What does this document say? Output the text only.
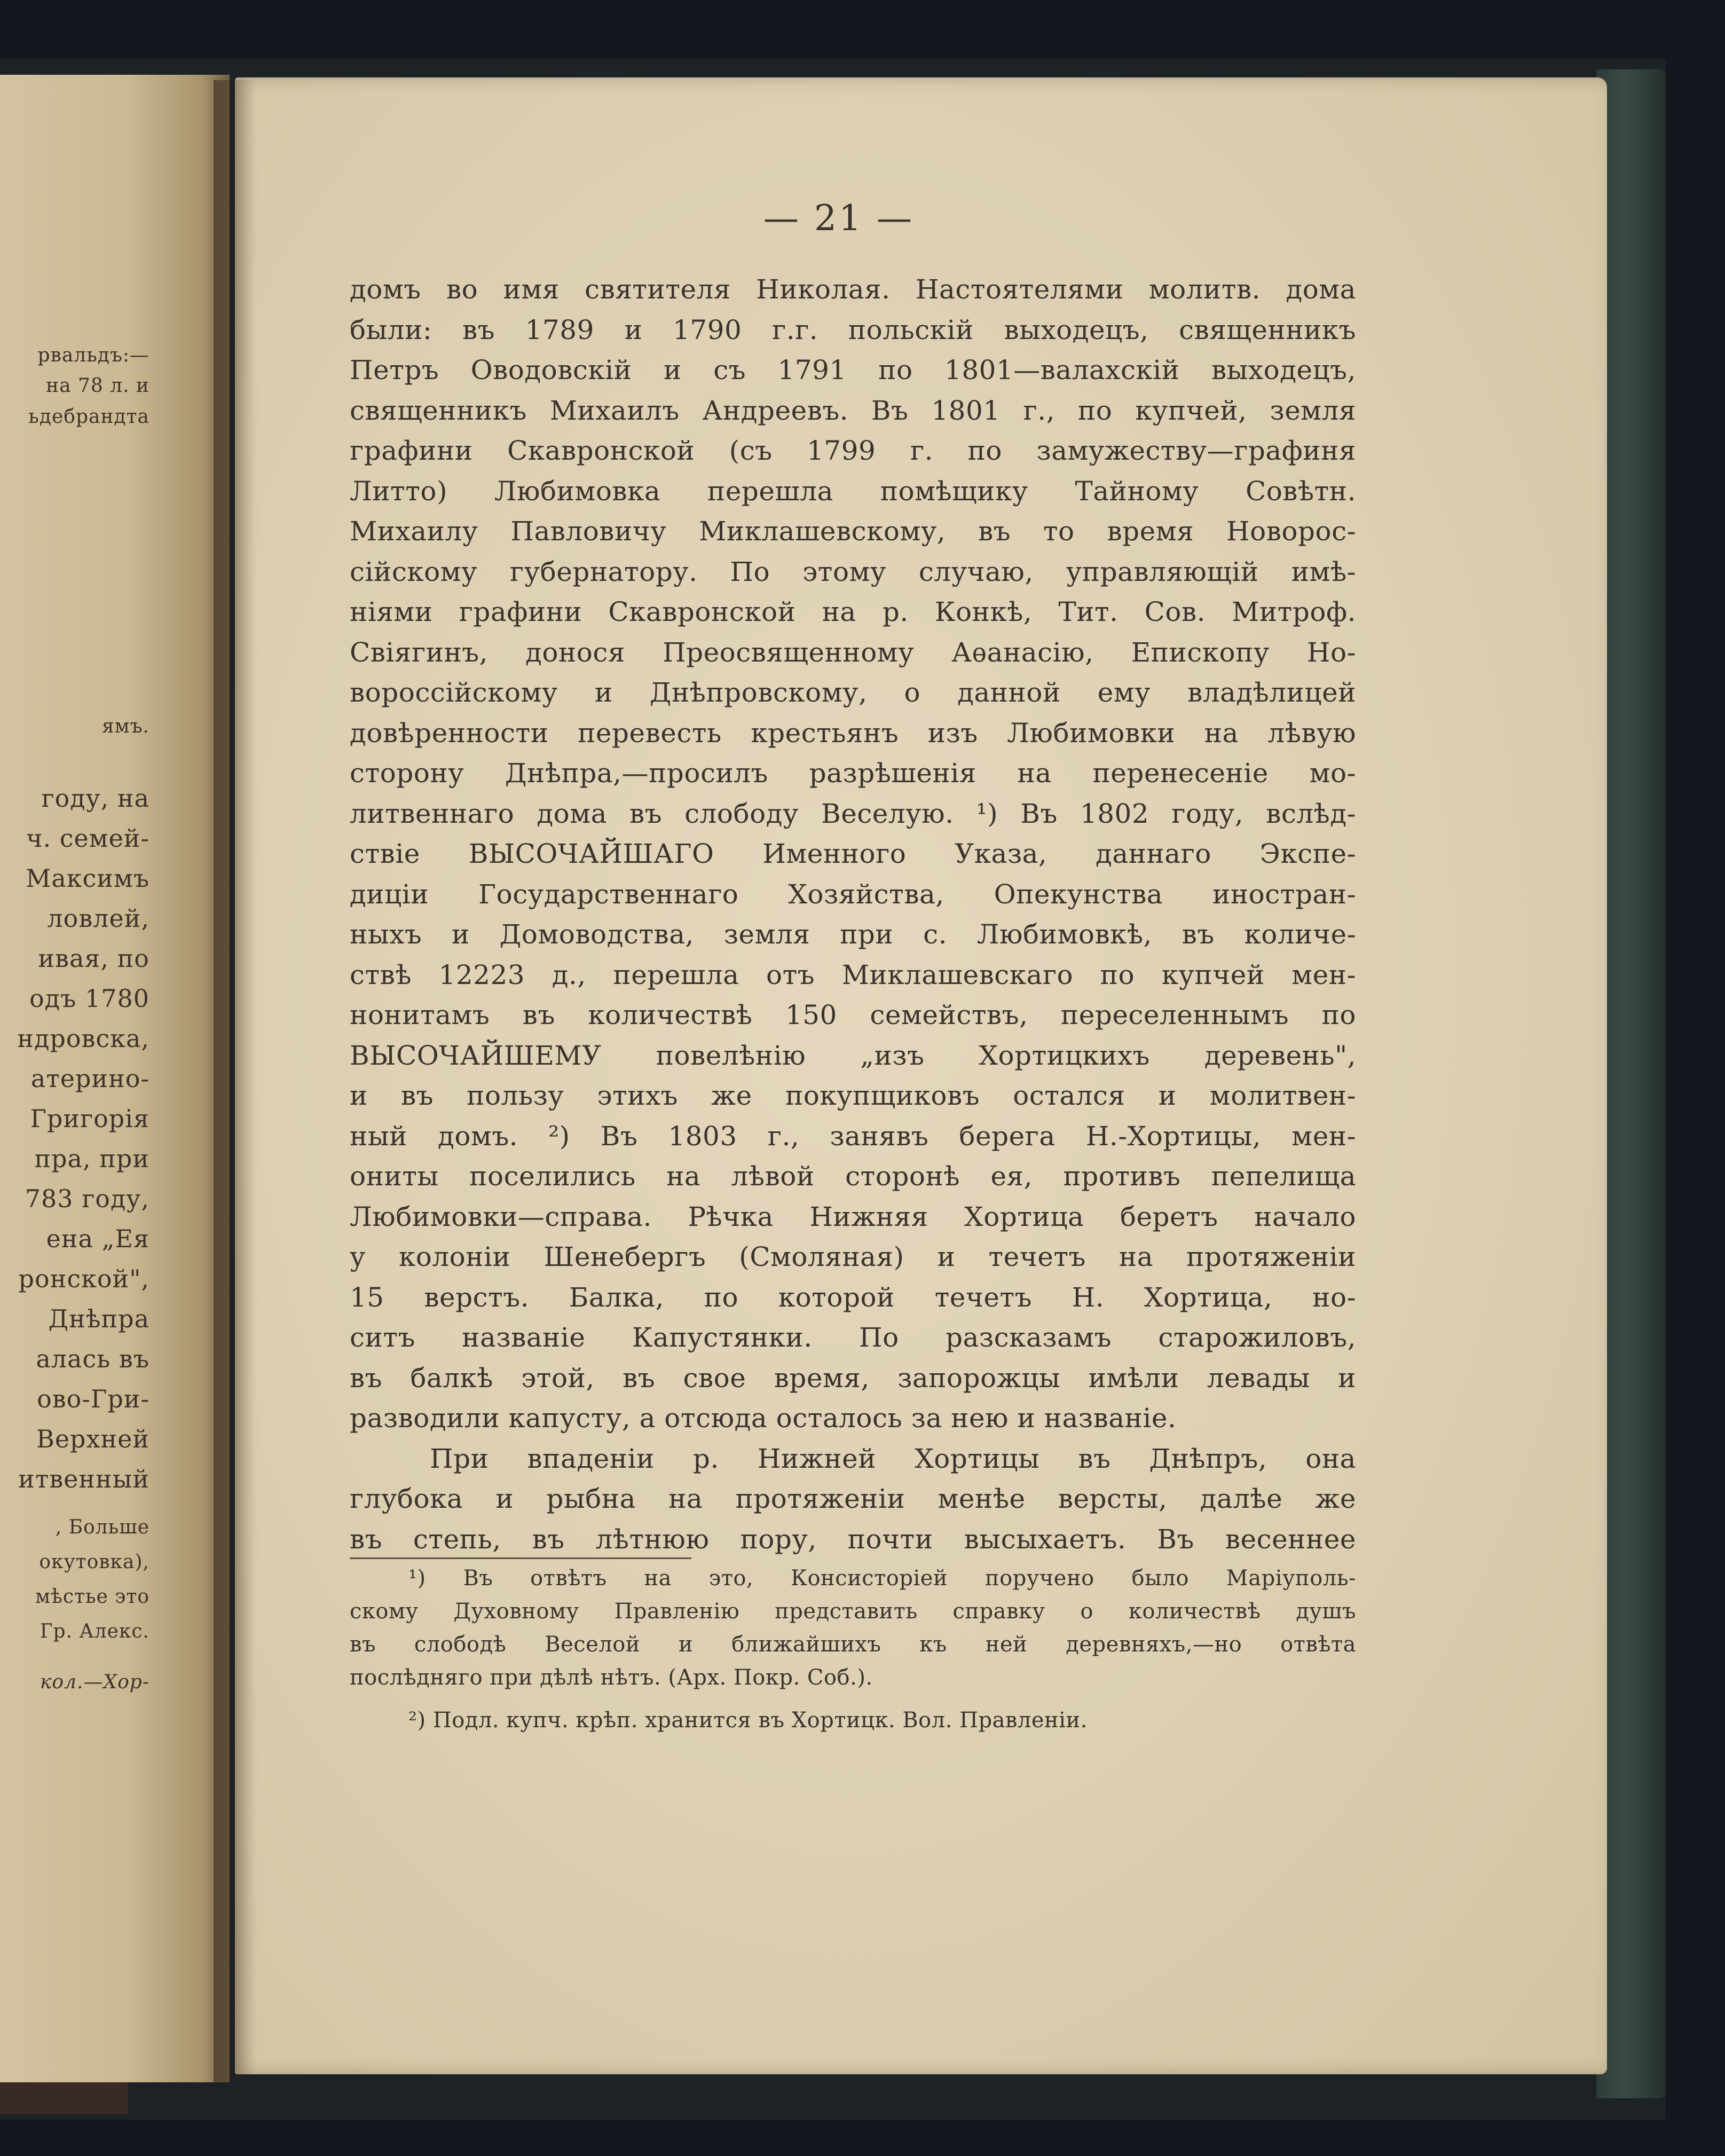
рвальдъ:—
на 78 л. и
ьдебрандта
ямъ.
году, на
ч. семей-
Максимъ
ловлей,
ивая, по
одъ 1780
ндровска,
атерино-
Григорія
пра, при
783 году,
ена „Ея
ронской",
Днѣпра
алась въ
ово-Гри-
Верхней
итвенный
, Больше
окутовка),
мѣстье это
Гр. Алекс.
кол.—Хор-
— 21 —
домъ во имя святителя Николая. Настоятелями молитв. дома
были: въ 1789 и 1790 г.г. польскій выходецъ, священникъ
Петръ Оводовскій и съ 1791 по 1801—валахскій выходецъ,
священникъ Михаилъ Андреевъ. Въ 1801 г., по купчей, земля
графини Скавронской (съ 1799 г. по замужеству—графиня
Литто) Любимовка перешла помѣщику Тайному Совѣтн.
Михаилу Павловичу Миклашевскому, въ то время Новорос-
сійскому губернатору. По этому случаю, управляющій имѣ-
ніями графини Скавронской на р. Конкѣ, Тит. Сов. Митроф.
Свіягинъ, донося Преосвященному Аѳанасію, Епископу Но-
вороссійскому и Днѣпровскому, о данной ему владѣлицей
довѣренности перевесть крестьянъ изъ Любимовки на лѣвую
сторону Днѣпра,—просилъ разрѣшенія на перенесеніе мо-
литвеннаго дома въ слободу Веселую. ¹) Въ 1802 году, вслѣд-
ствіе ВЫСОЧАЙШАГО Именного Указа, даннаго Экспе-
диціи Государственнаго Хозяйства, Опекунства иностран-
ныхъ и Домоводства, земля при с. Любимовкѣ, въ количе-
ствѣ 12223 д., перешла отъ Миклашевскаго по купчей мен-
нонитамъ въ количествѣ 150 семействъ, переселеннымъ по
ВЫСОЧАЙШЕМУ повелѣнію „изъ Хортицкихъ деревень",
и въ пользу этихъ же покупщиковъ остался и молитвен-
ный домъ. ²) Въ 1803 г., занявъ берега Н.-Хортицы, мен-
ониты поселились на лѣвой сторонѣ ея, противъ пепелища
Любимовки—справа. Рѣчка Нижняя Хортица беретъ начало
у колоніи Шенебергъ (Смоляная) и течетъ на протяженіи
15 верстъ. Балка, по которой течетъ Н. Хортица, но-
ситъ названіе Капустянки. По разсказамъ старожиловъ,
въ балкѣ этой, въ свое время, запорожцы имѣли левады и
разводили капусту, а отсюда осталось за нею и названіе.
При впаденіи р. Нижней Хортицы въ Днѣпръ, она
глубока и рыбна на протяженіи менѣе версты, далѣе же
въ степь, въ лѣтнюю пору, почти высыхаетъ. Въ весеннее
¹) Въ отвѣтъ на это, Консисторіей поручено было Маріуполь-
скому Духовному Правленію представить справку о количествѣ душъ
въ слободѣ Веселой и ближайшихъ къ ней деревняхъ,—но отвѣта
послѣдняго при дѣлѣ нѣтъ. (Арх. Покр. Соб.).
²) Подл. купч. крѣп. хранится въ Хортицк. Вол. Правленіи.
